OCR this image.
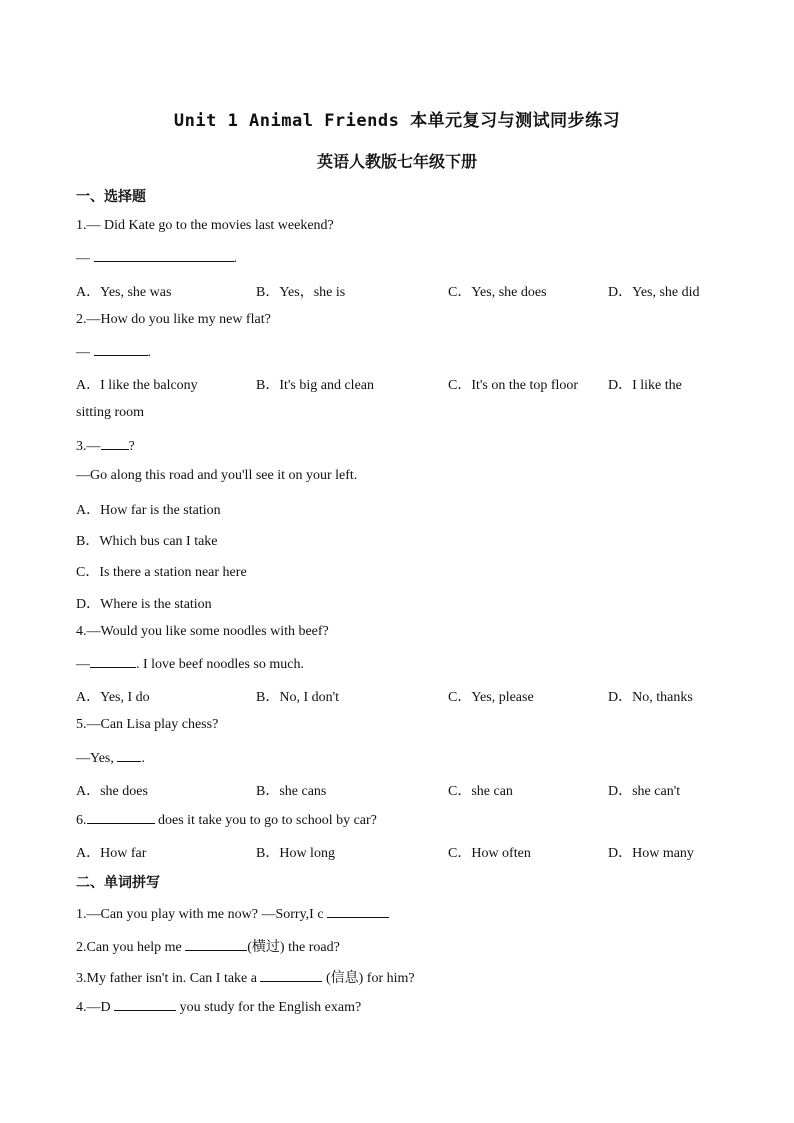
Unit 1 Animal Friends 本单元复习与测试同步练习
英语人教版七年级下册
一、选择题
1.— Did Kate go to the movies last weekend?
—	.
A．Yes, she was	B．Yes，she is	C．Yes, she does	D．Yes, she did
2.—How do you like my new flat?
—	.
A．I like the balcony	B．It's big and clean	C．It's on the top floor D．I like the
sitting room
3.— ?
—Go along this road and you'll see it on your left.
A．How far is the station
B．Which bus can I take
C．Is there a station near here
D．Where is the station
4.—Would you like some noodles with beef?
—	. I love beef noodles so much.
A．Yes, I do	B．No, I don't	C．Yes, please	D．No, thanks
5.—Can Lisa play chess?
—Yes, .
A．she does	B．she cans	C．she can	D．she can't
6.	does it take you to go to school by car?
A．How far	B．How long	C．How often	D．How many
二、单词拼写
1.—Can you play with me now? —Sorry,I c
2.Can you help me	(横过) the road?
3.My father isn't in. Can I take a	(信息) for him?
4.—D	you study for the English exam?
